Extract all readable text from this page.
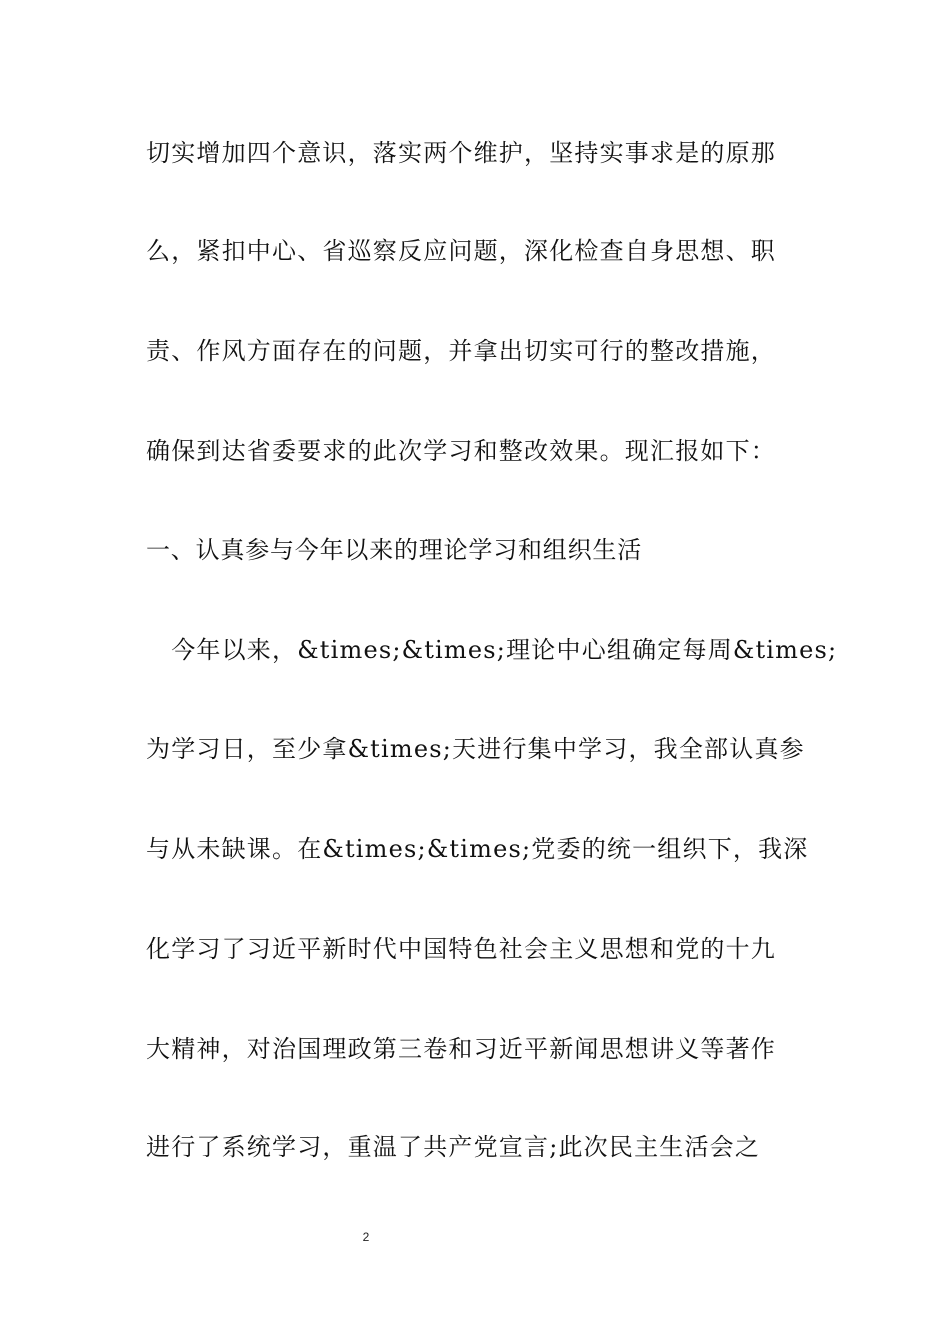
切实增加四个意识，落实两个维护，坚持实事求是的原那
么，紧扣中心、省巡察反应问题，深化检查自身思想、职
责、作风方面存在的问题，并拿出切实可行的整改措施，
确保到达省委要求的此次学习和整改效果。现汇报如下：
一、认真参与今年以来的理论学习和组织生活
　今年以来，&times;&times;理论中心组确定每周&times;
为学习日，至少拿&times;天进行集中学习，我全部认真参
与从未缺课。在&times;&times;党委的统一组织下，我深
化学习了习近平新时代中国特色社会主义思想和党的十九
大精神，对治国理政第三卷和习近平新闻思想讲义等著作
进行了系统学习，重温了共产党宣言;此次民主生活会之
2
